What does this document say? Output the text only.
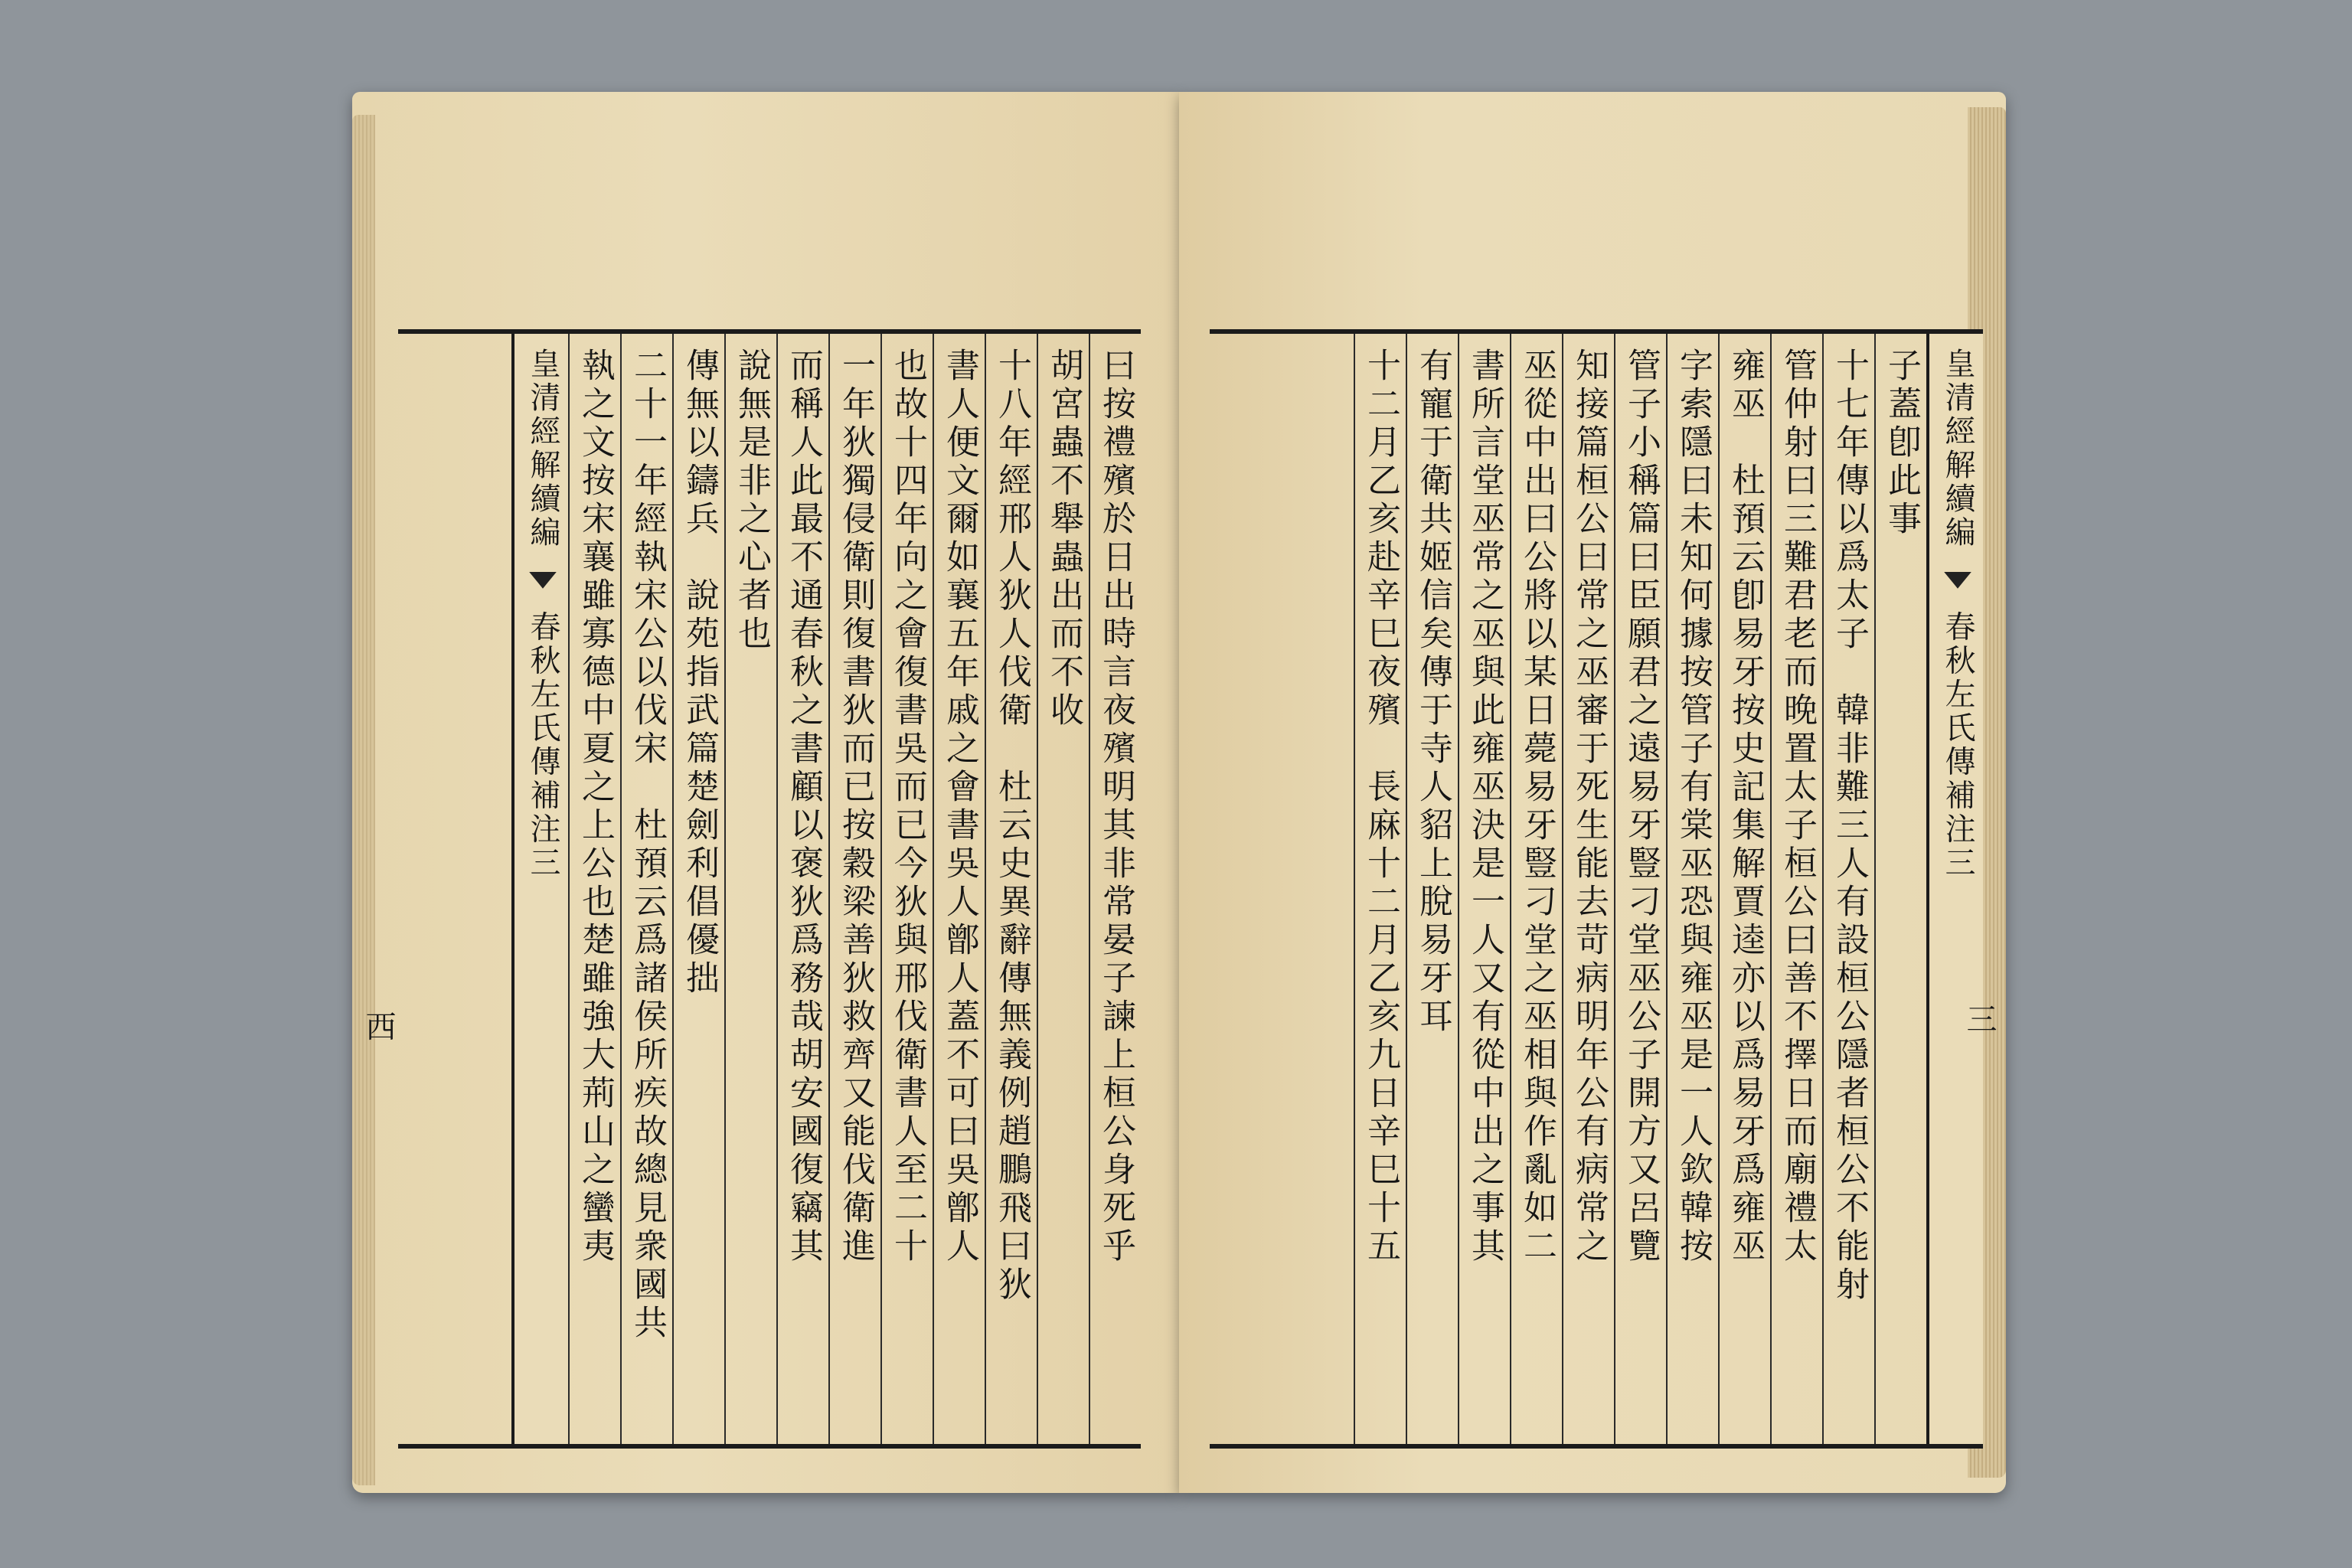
曰按禮殯於日出時言夜殯明其非常晏子諫上桓公身死乎
胡宮蟲不舉蟲出而不收
十八年經邢人狄人伐衛　杜云史異辭傳無義例趙鵬飛曰狄
書人便文爾如襄五年戚之會書吳人鄫人蓋不可曰吳鄫人
也故十四年向之會復書吳而已今狄與邢伐衛書人至二十
一年狄獨侵衛則復書狄而已按穀梁善狄救齊又能伐衛進
而稱人此最不通春秋之書顧以褒狄爲務哉胡安國復竊其
說無是非之心者也
傳無以鑄兵　說苑指武篇楚劍利倡優拙
二十一年經執宋公以伐宋　杜預云爲諸侯所疾故總見衆國共
執之文按宋襄雖寡德中夏之上公也楚雖強大荊山之蠻夷
皇清經解續編  春秋左氏傳補注三
西
皇清經解續編  春秋左氏傳補注三
子蓋卽此事
十七年傳以爲太子　韓非難三人有設桓公隱者桓公不能射
管仲射曰三難君老而晚置太子桓公曰善不擇日而廟禮太
雍巫　杜預云卽易牙按史記集解賈逵亦以爲易牙爲雍巫
字索隱曰未知何據按管子有棠巫恐與雍巫是一人欽韓按
管子小稱篇曰臣願君之遠易牙豎刁堂巫公子開方又呂覽
知接篇桓公曰常之巫審于死生能去苛病明年公有病常之
巫從中出曰公將以某日薨易牙豎刁堂之巫相與作亂如二
書所言堂巫常之巫與此雍巫決是一人又有從中出之事其
有寵于衛共姬信矣傳于寺人貂上脫易牙耳
十二月乙亥赴辛巳夜殯　長麻十二月乙亥九日辛巳十五	三
